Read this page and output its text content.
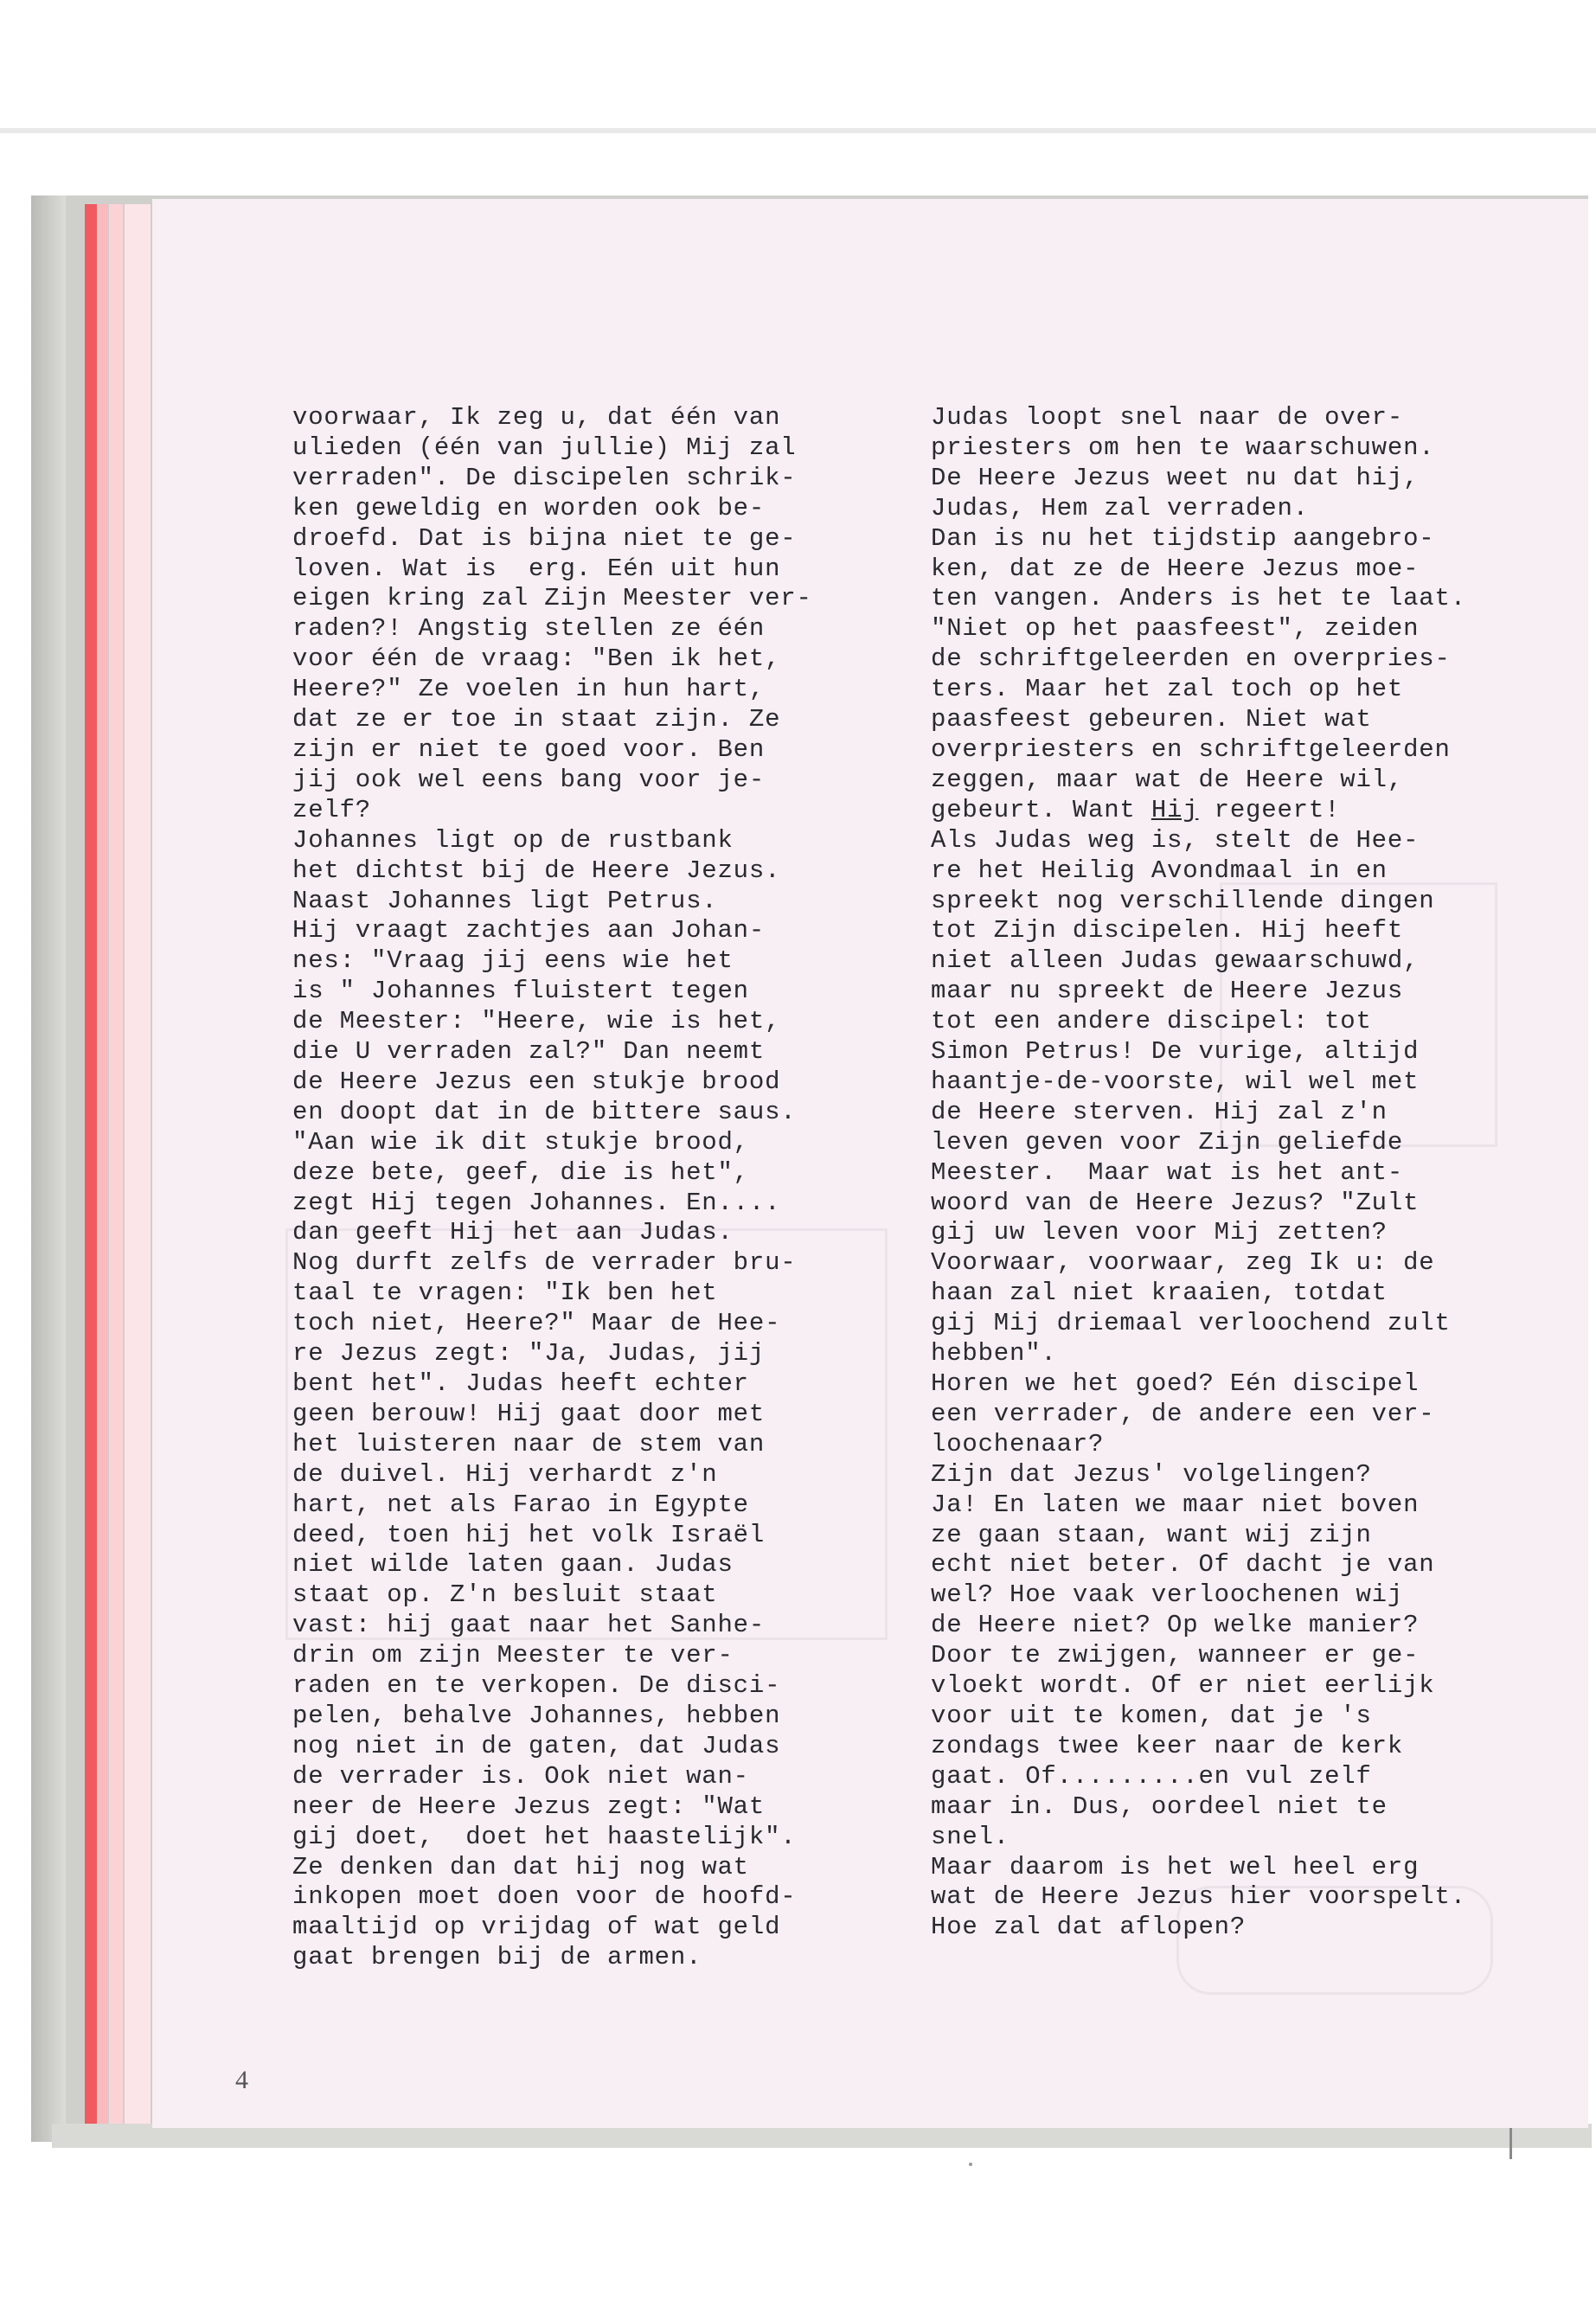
voorwaar, Ik zeg u, dat één van
ulieden (één van jullie) Mij zal
verraden". De discipelen schrik-
ken geweldig en worden ook be-
droefd. Dat is bijna niet te ge-
loven. Wat is  erg. Eén uit hun
eigen kring zal Zijn Meester ver-
raden?! Angstig stellen ze één
voor één de vraag: "Ben ik het,
Heere?" Ze voelen in hun hart,
dat ze er toe in staat zijn. Ze
zijn er niet te goed voor. Ben
jij ook wel eens bang voor je-
zelf?
Johannes ligt op de rustbank
het dichtst bij de Heere Jezus.
Naast Johannes ligt Petrus.
Hij vraagt zachtjes aan Johan-
nes: "Vraag jij eens wie het
is " Johannes fluistert tegen
de Meester: "Heere, wie is het,
die U verraden zal?" Dan neemt
de Heere Jezus een stukje brood
en doopt dat in de bittere saus.
"Aan wie ik dit stukje brood,
deze bete, geef, die is het",
zegt Hij tegen Johannes. En....
dan geeft Hij het aan Judas.
Nog durft zelfs de verrader bru-
taal te vragen: "Ik ben het
toch niet, Heere?" Maar de Hee-
re Jezus zegt: "Ja, Judas, jij
bent het". Judas heeft echter
geen berouw! Hij gaat door met
het luisteren naar de stem van
de duivel. Hij verhardt z'n
hart, net als Farao in Egypte
deed, toen hij het volk Israël
niet wilde laten gaan. Judas
staat op. Z'n besluit staat
vast: hij gaat naar het Sanhe-
drin om zijn Meester te ver-
raden en te verkopen. De disci-
pelen, behalve Johannes, hebben
nog niet in de gaten, dat Judas
de verrader is. Ook niet wan-
neer de Heere Jezus zegt: "Wat
gij doet,  doet het haastelijk".
Ze denken dan dat hij nog wat
inkopen moet doen voor de hoofd-
maaltijd op vrijdag of wat geld
gaat brengen bij de armen.
Judas loopt snel naar de over-
priesters om hen te waarschuwen.
De Heere Jezus weet nu dat hij,
Judas, Hem zal verraden.
Dan is nu het tijdstip aangebro-
ken, dat ze de Heere Jezus moe-
ten vangen. Anders is het te laat.
"Niet op het paasfeest", zeiden
de schriftgeleerden en overpries-
ters. Maar het zal toch op het
paasfeest gebeuren. Niet wat
overpriesters en schriftgeleerden
zeggen, maar wat de Heere wil,
gebeurt. Want Hij regeert!
Als Judas weg is, stelt de Hee-
re het Heilig Avondmaal in en
spreekt nog verschillende dingen
tot Zijn discipelen. Hij heeft
niet alleen Judas gewaarschuwd,
maar nu spreekt de Heere Jezus
tot een andere discipel: tot
Simon Petrus! De vurige, altijd
haantje-de-voorste, wil wel met
de Heere sterven. Hij zal z'n
leven geven voor Zijn geliefde
Meester.  Maar wat is het ant-
woord van de Heere Jezus? "Zult
gij uw leven voor Mij zetten?
Voorwaar, voorwaar, zeg Ik u: de
haan zal niet kraaien, totdat
gij Mij driemaal verloochend zult
hebben".
Horen we het goed? Eén discipel
een verrader, de andere een ver-
loochenaar?
Zijn dat Jezus' volgelingen?
Ja! En laten we maar niet boven
ze gaan staan, want wij zijn
echt niet beter. Of dacht je van
wel? Hoe vaak verloochenen wij
de Heere niet? Op welke manier?
Door te zwijgen, wanneer er ge-
vloekt wordt. Of er niet eerlijk
voor uit te komen, dat je 's
zondags twee keer naar de kerk
gaat. Of.........en vul zelf
maar in. Dus, oordeel niet te
snel.
Maar daarom is het wel heel erg
wat de Heere Jezus hier voorspelt.
Hoe zal dat aflopen?
4
